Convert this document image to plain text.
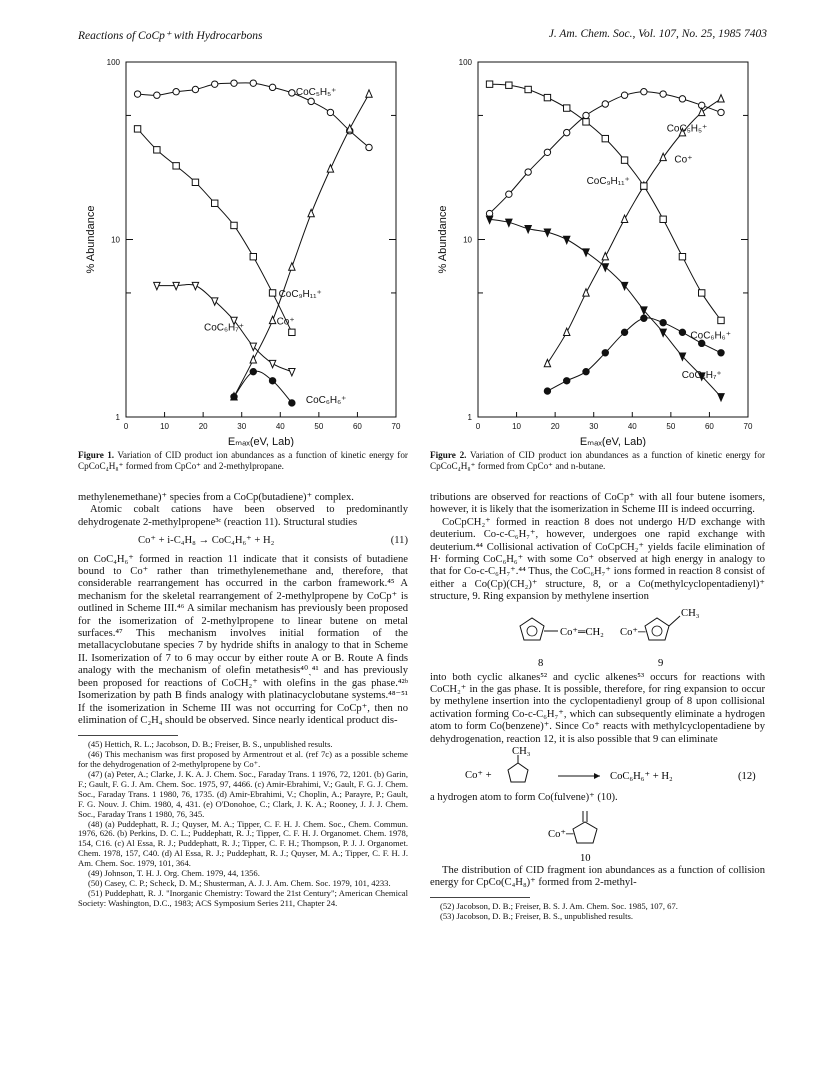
Reactions of CoCp⁺ with Hydrocarbons	J. Am. Chem. Soc., Vol. 107, No. 25, 1985 7403
1
10
100
0	10	20	30	40	50	60	70
Eₘₐₓ(eV, Lab)
% Abundance
CoC₅H₅⁺
Co⁺
CoC₉H₁₁⁺
CoC₆H₇⁺
CoC₆H₆⁺
Figure 1. Variation of CID product ion abundances as a function of kinetic energy for CpCoC₄H₈⁺ formed from CpCo⁺ and 2-methylpropane.
1
10
100
0	10	20	30	40	50	60	70
Eₘₐₓ(eV, Lab)
% Abundance
CoC₅H₅⁺
Co⁺
CoC₉H₁₁⁺
CoC₆H₆⁺
CoC₆H₇⁺
Figure 2. Variation of CID product ion abundances as a function of kinetic energy for CpCoC₄H₈⁺ formed from CpCo⁺ and n-butane.

methylenemethane)⁺ species from a CoCp(butadiene)⁺ complex.

Atomic cobalt cations have been observed to predominantly dehydrogenate 2-methylpropene³ᶜ (reaction 11). Structural studies

Co⁺ + i-C₄H₈ → CoC₄H₆⁺ + H₂	(11)

on CoC₄H₆⁺ formed in reaction 11 indicate that it consists of butadiene bound to Co⁺ rather than trimethylenemethane and, therefore, that considerable rearrangement has occurred in the carbon framework.⁴⁵ A mechanism for the skeletal rearrangement of 2-methylpropene by CoCp⁺ is outlined in Scheme III.⁴⁶ A similar mechanism has previously been proposed for the isomerization of 2-methylpropene to linear butene on metal surfaces.⁴⁷ This mechanism involves initial formation of the metallacyclobutane species 7 by hydride shifts in analogy to that in Scheme II. Isomerization of 7 to 6 may occur by either route A or B. Route A finds analogy with the mechanism of olefin metathesis⁴⁰ˎ⁴¹ and has previously been proposed for reactions of CoCH₂⁺ with olefins in the gas phase.⁴²ᵇ Isomerization by path B finds analogy with platinacyclobutane systems.⁴⁸⁻⁵¹ If the isomerization in Scheme III was not occurring for CoCp⁺, then no elimination of C₂H₄ should be observed. Since nearly identical product dis-

(45) Hettich, R. L.; Jacobson, D. B.; Freiser, B. S., unpublished results.

(46) This mechanism was first proposed by Armentrout et al. (ref 7c) as a possible scheme for the dehydrogenation of 2-methylpropene by Co⁺.

(47) (a) Peter, A.; Clarke, J. K. A. J. Chem. Soc., Faraday Trans. 1 1976, 72, 1201. (b) Garin, F.; Gault, F. G. J. Am. Chem. Soc. 1975, 97, 4466. (c) Amir-Ebrahimi, V.; Gault, F. G. J. Chem. Soc., Faraday Trans. 1 1980, 76, 1735. (d) Amir-Ebrahimi, V.; Choplin, A.; Parayre, P.; Gault, F. G. Nouv. J. Chim. 1980, 4, 431. (e) O'Donohoe, C.; Clark, J. K. A.; Rooney, J. J. J. Chem. Soc., Faraday Trans 1 1980, 76, 345.

(48) (a) Puddephatt, R. J.; Quyser, M. A.; Tipper, C. F. H. J. Chem. Soc., Chem. Commun. 1976, 626. (b) Perkins, D. C. L.; Puddephatt, R. J.; Tipper, C. F. H. J. Organomet. Chem. 1978, 154, C16. (c) Al Essa, R. J.; Puddephatt, R. J.; Tipper, C. F. H.; Thompson, P. J. J. Organomet. Chem. 1978, 157, C40. (d) Al Essa, R. J.; Puddephatt, R. J.; Quyser, M. A.; Tipper, C. F. H. J. Am. Chem. Soc. 1979, 101, 364.

(49) Johnson, T. H. J. Org. Chem. 1979, 44, 1356.

(50) Casey, C. P.; Scheck, D. M.; Shusterman, A. J. J. Am. Chem. Soc. 1979, 101, 4233.

(51) Puddephatt, R. J. "Inorganic Chemistry: Toward the 21st Century"; American Chemical Society: Washington, D.C., 1983; ACS Symposium Series 211, Chapter 24.

tributions are observed for reactions of CoCp⁺ with all four butene isomers, however, it is likely that the isomerization in Scheme III is indeed occurring.

CoCpCH₂⁺ formed in reaction 8 does not undergo H/D exchange with deuterium. Co-c-C₆H₇⁺, however, undergoes one rapid exchange with deuterium.⁴⁴ Collisional activation of CoCpCH₂⁺ yields facile elimination of H· forming CoC₆H₆⁺ with some Co⁺ observed at high energy in analogy to that for Co-c-C₆H₇⁺.⁴⁴ Thus, the CoC₆H₇⁺ ions formed in reaction 8 consist of either a Co(Cp)(CH₂)⁺ structure, 8, or a Co(methylcyclopentadienyl)⁺ structure, 9. Ring expansion by methylene insertion

Co⁺═CH₂
8
Co⁺─
CH₃
9

into both cyclic alkanes⁵² and cyclic alkenes⁵³ occurs for reactions with CoCH₂⁺ in the gas phase. It is possible, therefore, for ring expansion to occur by methylene insertion into the cyclopentadienyl group of 8 upon collisional activation forming Co-c-C₆H₇⁺, which can subsequently eliminate a hydrogen atom to form Co(benzene)⁺. Since Co⁺ reacts with methylcyclopentadiene by dehydrogenation, reaction 12, it is also possible that 9 can eliminate

Co⁺ +
CH₃
CoC₆H₆⁺ + H₂	(12)

a hydrogen atom to form Co(fulvene)⁺ (10).

Co⁺─
10

The distribution of CID fragment ion abundances as a function of collision energy for CpCo(C₄H₈)⁺ formed from 2-methyl-

(52) Jacobson, D. B.; Freiser, B. S. J. Am. Chem. Soc. 1985, 107, 67.

(53) Jacobson, D. B.; Freiser, B. S., unpublished results.
